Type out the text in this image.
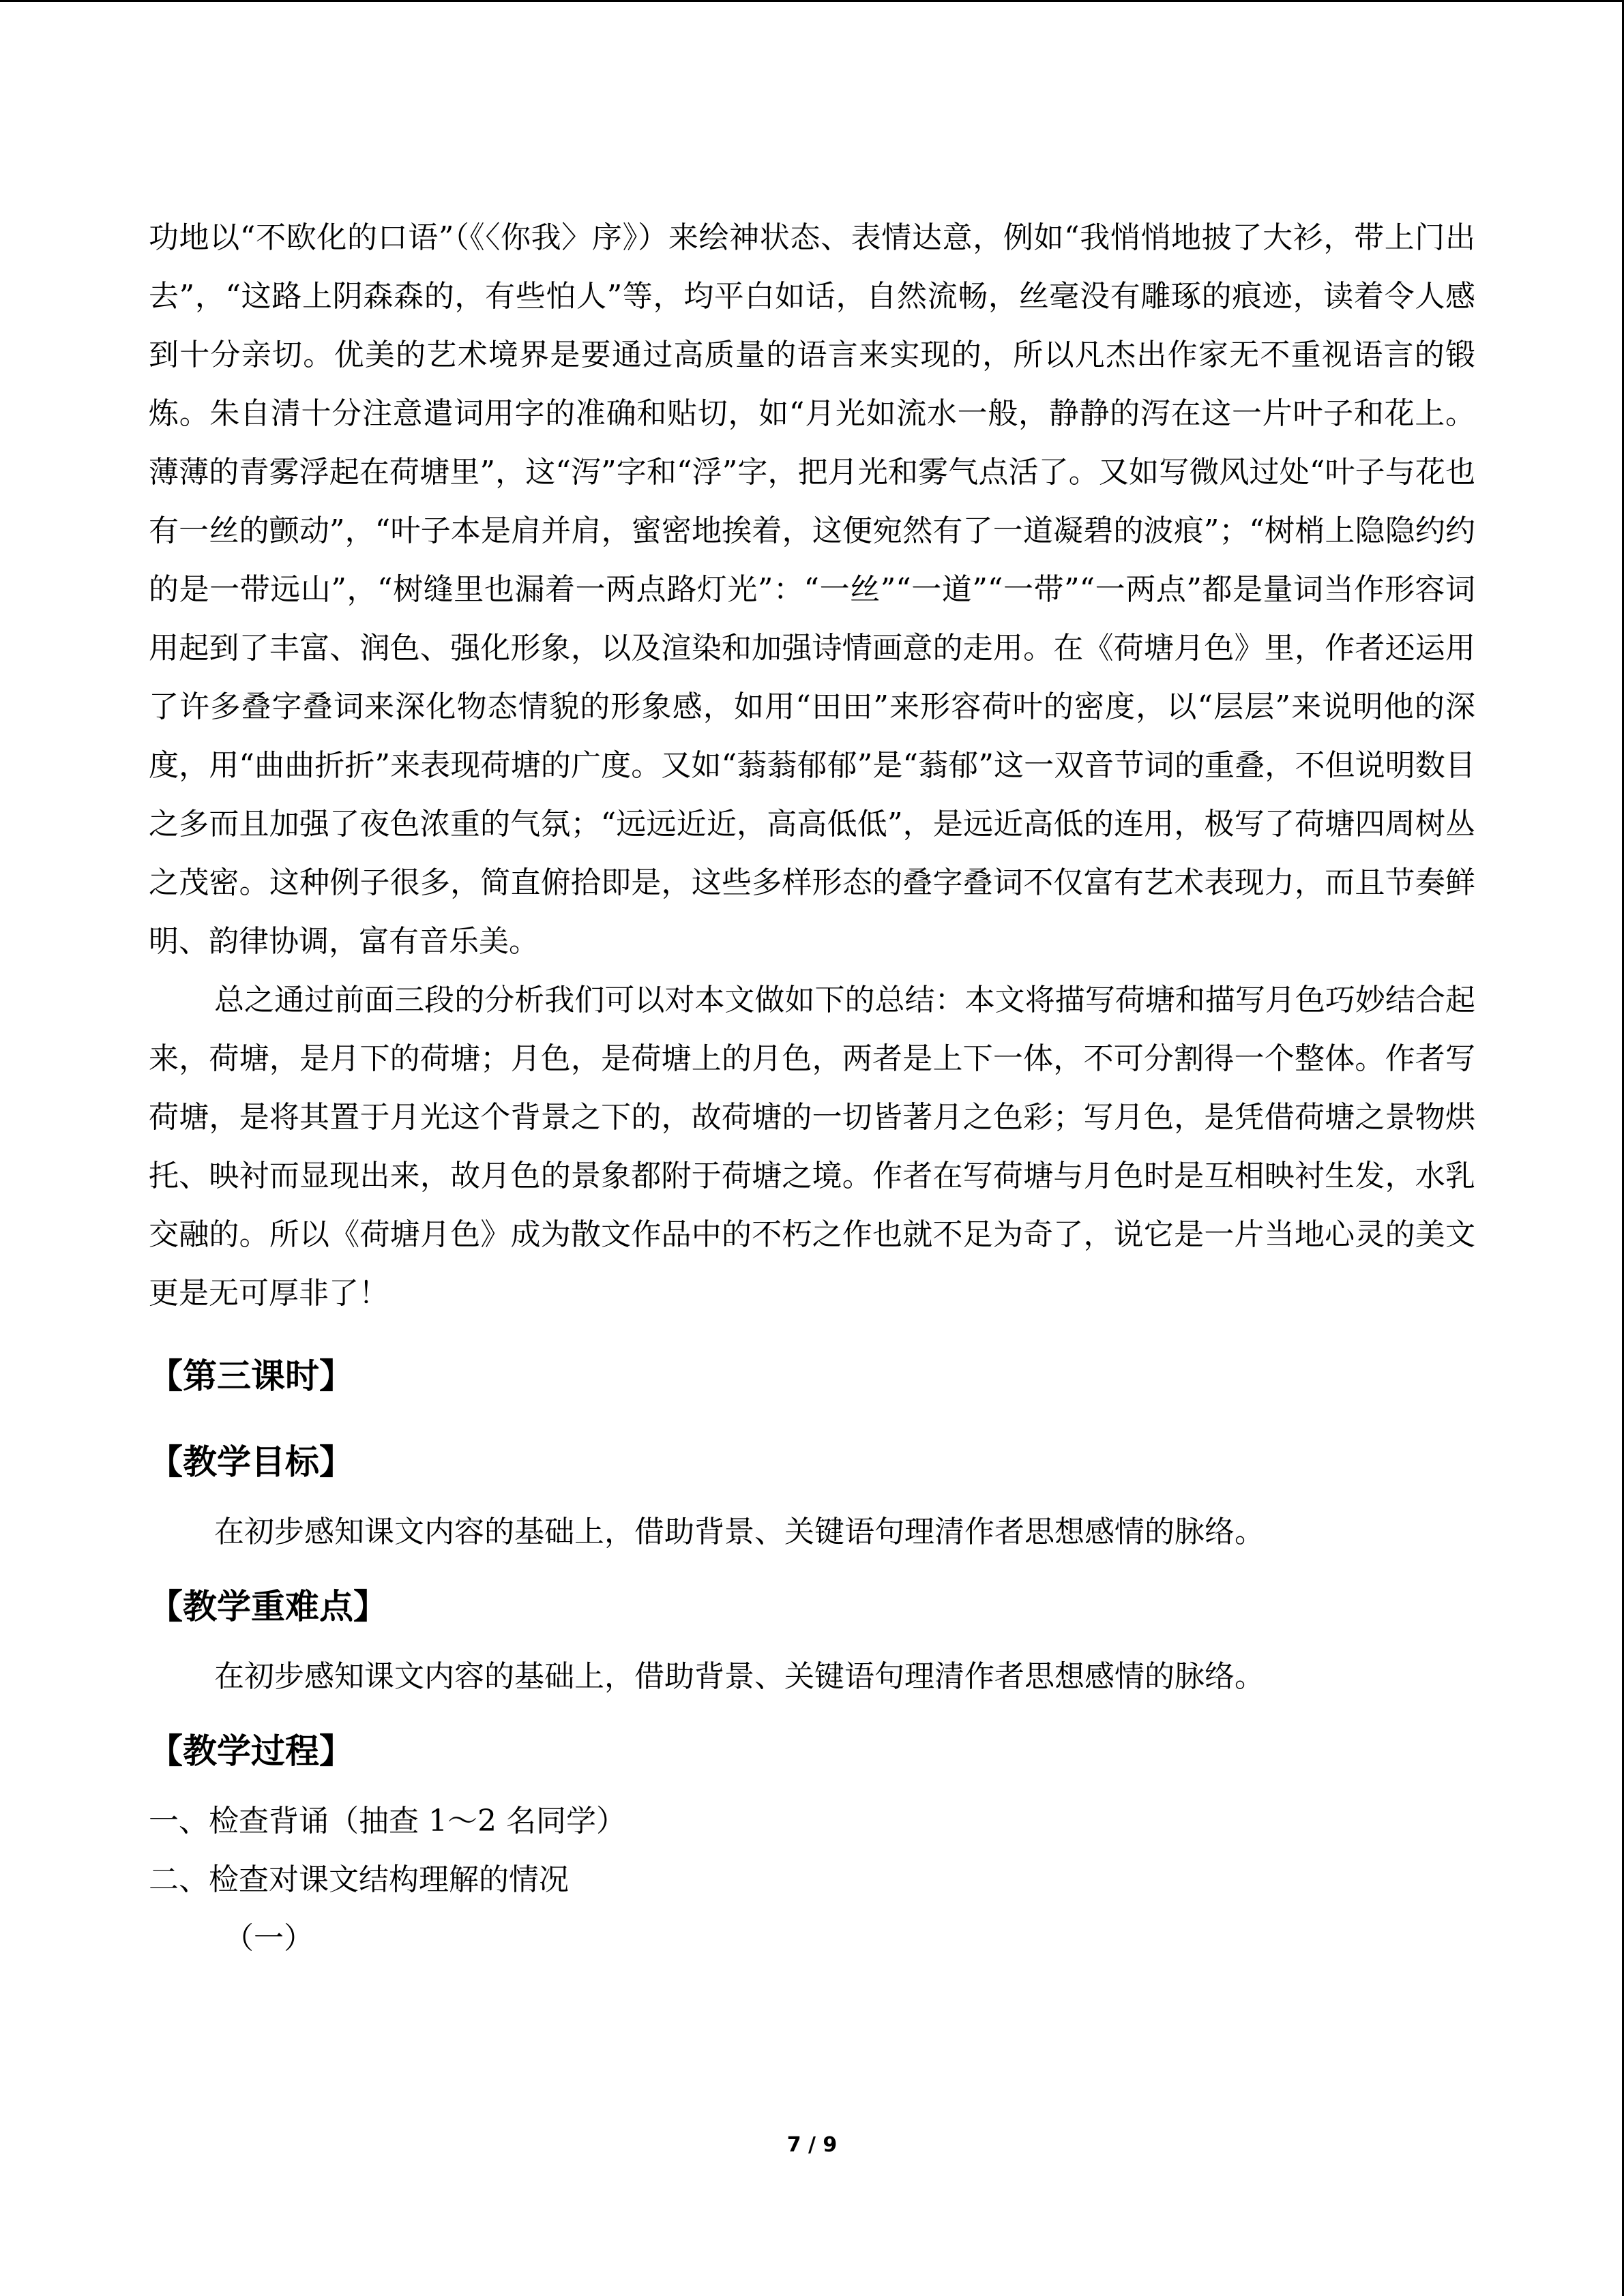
功地以“不欧化的口语”（《〈你我〉序》）来绘神状态、表情达意，例如“我悄悄地披了大衫，带上门出去”，“这路上阴森森的，有些怕人”等，均平白如话，自然流畅，丝毫没有雕琢的痕迹，读着令人感到十分亲切。优美的艺术境界是要通过高质量的语言来实现的，所以凡杰出作家无不重视语言的锻炼。朱自清十分注意遣词用字的准确和贴切，如“月光如流水一般，静静的泻在这一片叶子和花上。薄薄的青雾浮起在荷塘里”，这“泻”字和“浮”字，把月光和雾气点活了。又如写微风过处“叶子与花也有一丝的颤动”，“叶子本是肩并肩，蜜密地挨着，这便宛然有了一道凝碧的波痕”；“树梢上隐隐约约的是一带远山”，“树缝里也漏着一两点路灯光”：“一丝”“一道”“一带”“一两点”都是量词当作形容词用起到了丰富、润色、强化形象，以及渲染和加强诗情画意的走用。在《荷塘月色》里，作者还运用了许多叠字叠词来深化物态情貌的形象感，如用“田田”来形容荷叶的密度，以“层层”来说明他的深度，用“曲曲折折”来表现荷塘的广度。又如“蓊蓊郁郁”是“蓊郁”这一双音节词的重叠，不但说明数目之多而且加强了夜色浓重的气氛；“远远近近，高高低低”，是远近高低的连用，极写了荷塘四周树丛之茂密。这种例子很多，简直俯拾即是，这些多样形态的叠字叠词不仅富有艺术表现力，而且节奏鲜明、韵律协调，富有音乐美。

总之通过前面三段的分析我们可以对本文做如下的总结：本文将描写荷塘和描写月色巧妙结合起来，荷塘，是月下的荷塘；月色，是荷塘上的月色，两者是上下一体，不可分割得一个整体。作者写荷塘，是将其置于月光这个背景之下的，故荷塘的一切皆著月之色彩；写月色，是凭借荷塘之景物烘托、映衬而显现出来，故月色的景象都附于荷塘之境。作者在写荷塘与月色时是互相映衬生发，水乳交融的。所以《荷塘月色》成为散文作品中的不朽之作也就不足为奇了，说它是一片当地心灵的美文更是无可厚非了！

【第三课时】

【教学目标】

在初步感知课文内容的基础上，借助背景、关键语句理清作者思想感情的脉络。

【教学重难点】

在初步感知课文内容的基础上，借助背景、关键语句理清作者思想感情的脉络。

【教学过程】

一、检查背诵（抽查 1～2 名同学）

二、检查对课文结构理解的情况

（一）

7 / 9
